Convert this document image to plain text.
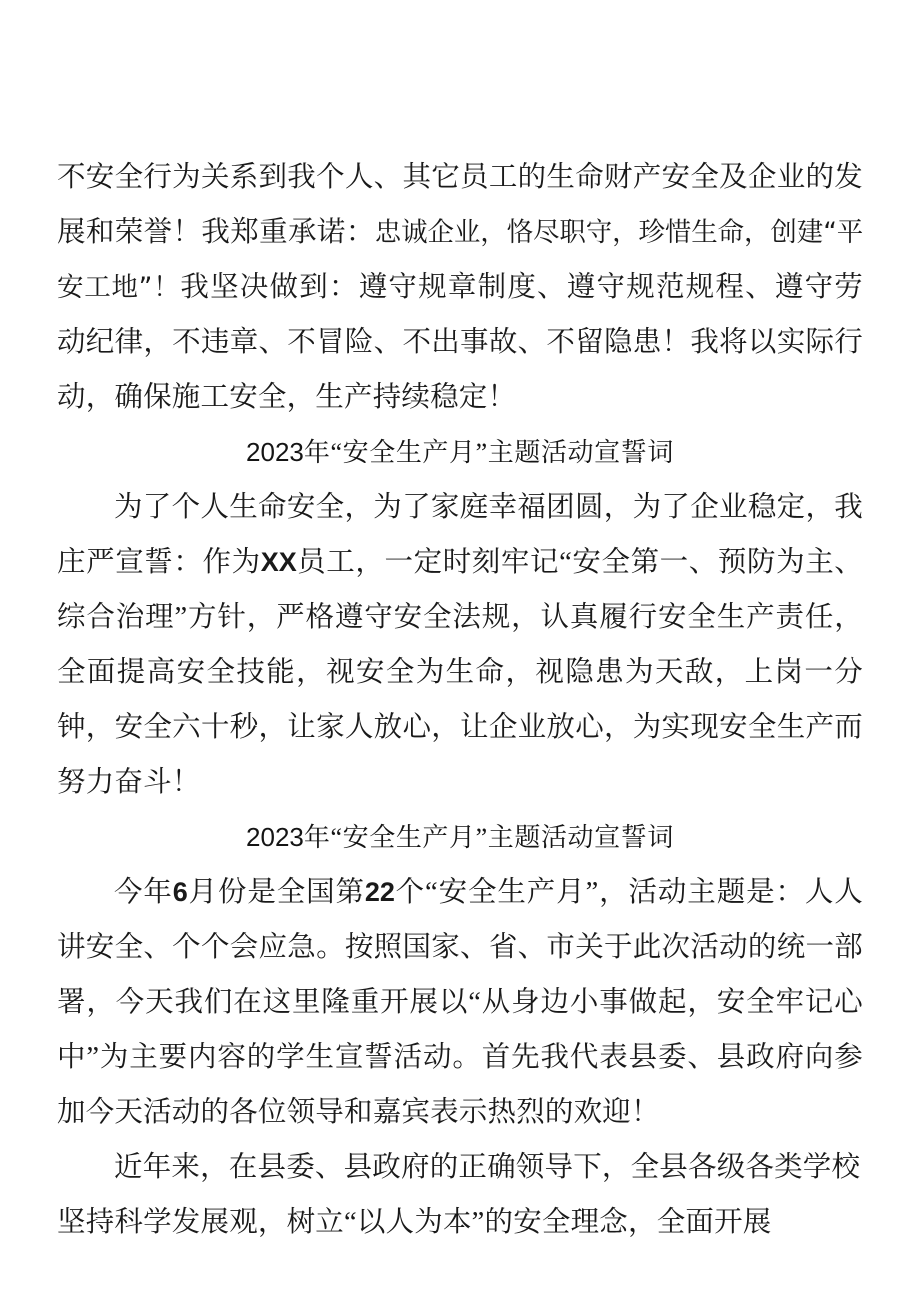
不安全行为关系到我个人、其它员工的生命财产安全及企业的发展和荣誉！我郑重承诺：忠诚企业，恪尽职守，珍惜生命，创建“平安工地”！我坚决做到：遵守规章制度、遵守规范规程、遵守劳动纪律，不违章、不冒险、不出事故、不留隐患！我将以实际行动，确保施工安全，生产持续稳定！

2023年“安全生产月”主题活动宣誓词

为了个人生命安全，为了家庭幸福团圆，为了企业稳定，我庄严宣誓：作为XX员工，一定时刻牢记“安全第一、预防为主、综合治理”方针，严格遵守安全法规，认真履行安全生产责任，全面提高安全技能，视安全为生命，视隐患为天敌，上岗一分钟，安全六十秒，让家人放心，让企业放心，为实现安全生产而努力奋斗！

2023年“安全生产月”主题活动宣誓词

今年6月份是全国第22个“安全生产月”，活动主题是：人人讲安全、个个会应急。按照国家、省、市关于此次活动的统一部署，今天我们在这里隆重开展以“从身边小事做起，安全牢记心中”为主要内容的学生宣誓活动。首先我代表县委、县政府向参加今天活动的各位领导和嘉宾表示热烈的欢迎！

近年来，在县委、县政府的正确领导下，全县各级各类学校坚持科学发展观，树立“以人为本”的安全理念，全面开展
